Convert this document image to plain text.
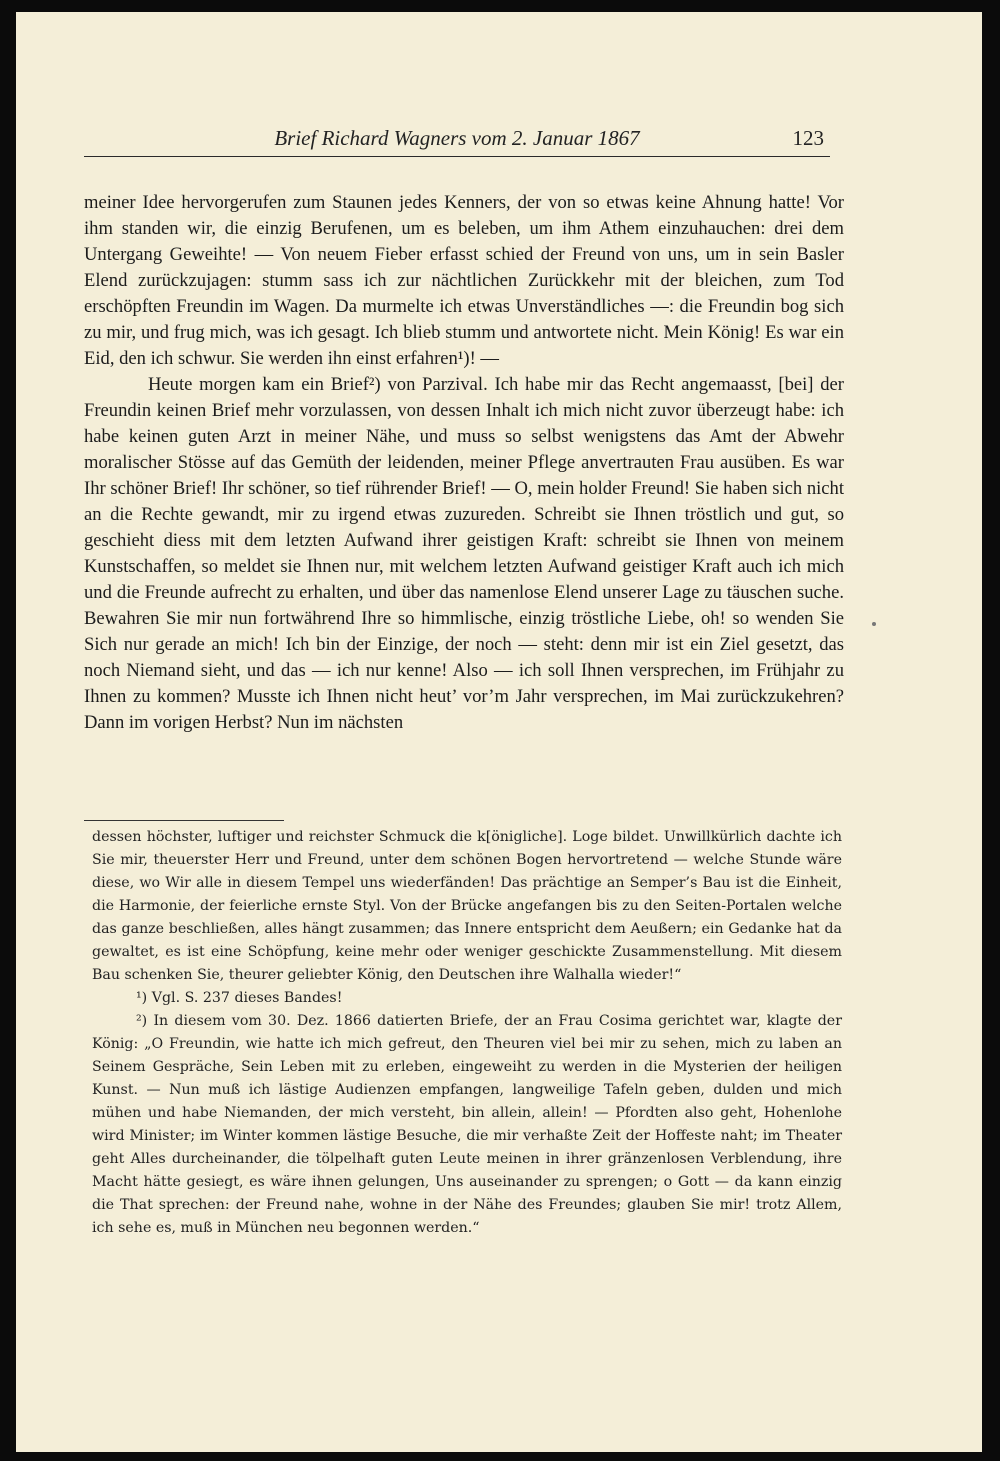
Brief Richard Wagners vom 2. Januar 1867	123

meiner Idee hervorgerufen zum Staunen jedes Kenners, der von so etwas keine Ahnung hatte! Vor ihm standen wir, die einzig Berufenen, um es beleben, um ihm Athem einzuhauchen: drei dem Untergang Geweihte! — Von neuem Fieber erfasst schied der Freund von uns, um in sein Basler Elend zurückzujagen: stumm sass ich zur nächtlichen Zurückkehr mit der bleichen, zum Tod erschöpften Freundin im Wagen. Da murmelte ich etwas Unverständliches —: die Freundin bog sich zu mir, und frug mich, was ich gesagt. Ich blieb stumm und antwortete nicht. Mein König! Es war ein Eid, den ich schwur. Sie werden ihn einst erfahren¹)! —

Heute morgen kam ein Brief²) von Parzival. Ich habe mir das Recht angemaasst, [bei] der Freundin keinen Brief mehr vorzulassen, von dessen Inhalt ich mich nicht zuvor überzeugt habe: ich habe keinen guten Arzt in meiner Nähe, und muss so selbst wenigstens das Amt der Abwehr moralischer Stösse auf das Gemüth der leidenden, meiner Pflege anvertrauten Frau ausüben. Es war Ihr schöner Brief! Ihr schöner, so tief rührender Brief! — O, mein holder Freund! Sie haben sich nicht an die Rechte gewandt, mir zu irgend etwas zuzureden. Schreibt sie Ihnen tröstlich und gut, so geschieht diess mit dem letzten Aufwand ihrer geistigen Kraft: schreibt sie Ihnen von meinem Kunstschaffen, so meldet sie Ihnen nur, mit welchem letzten Aufwand geistiger Kraft auch ich mich und die Freunde aufrecht zu erhalten, und über das namenlose Elend unserer Lage zu täuschen suche. Bewahren Sie mir nun fortwährend Ihre so himmlische, einzig tröstliche Liebe, oh! so wenden Sie Sich nur gerade an mich! Ich bin der Einzige, der noch — steht: denn mir ist ein Ziel gesetzt, das noch Niemand sieht, und das — ich nur kenne! Also — ich soll Ihnen versprechen, im Frühjahr zu Ihnen zu kommen? Musste ich Ihnen nicht heut’ vor’m Jahr versprechen, im Mai zurückzukehren? Dann im vorigen Herbst? Nun im nächsten

dessen höchster, luftiger und reichster Schmuck die k[önigliche]. Loge bildet. Unwillkürlich dachte ich Sie mir, theuerster Herr und Freund, unter dem schönen Bogen hervortretend — welche Stunde wäre diese, wo Wir alle in diesem Tempel uns wiederfänden! Das prächtige an Semper’s Bau ist die Einheit, die Harmonie, der feierliche ernste Styl. Von der Brücke angefangen bis zu den Seiten-Portalen welche das ganze beschließen, alles hängt zusammen; das Innere entspricht dem Aeußern; ein Gedanke hat da gewaltet, es ist eine Schöpfung, keine mehr oder weniger geschickte Zusammenstellung. Mit diesem Bau schenken Sie, theurer geliebter König, den Deutschen ihre Walhalla wieder!“

¹) Vgl. S. 237 dieses Bandes!

²) In diesem vom 30. Dez. 1866 datierten Briefe, der an Frau Cosima gerichtet war, klagte der König: „O Freundin, wie hatte ich mich gefreut, den Theuren viel bei mir zu sehen, mich zu laben an Seinem Gespräche, Sein Leben mit zu erleben, eingeweiht zu werden in die Mysterien der heiligen Kunst. — Nun muß ich lästige Audienzen empfangen, langweilige Tafeln geben, dulden und mich mühen und habe Niemanden, der mich versteht, bin allein, allein! — Pfordten also geht, Hohenlohe wird Minister; im Winter kommen lästige Besuche, die mir verhaßte Zeit der Hoffeste naht; im Theater geht Alles durcheinander, die tölpelhaft guten Leute meinen in ihrer gränzenlosen Verblendung, ihre Macht hätte gesiegt, es wäre ihnen gelungen, Uns auseinander zu sprengen; o Gott — da kann einzig die That sprechen: der Freund nahe, wohne in der Nähe des Freundes; glauben Sie mir! trotz Allem, ich sehe es, muß in München neu begonnen werden.“
